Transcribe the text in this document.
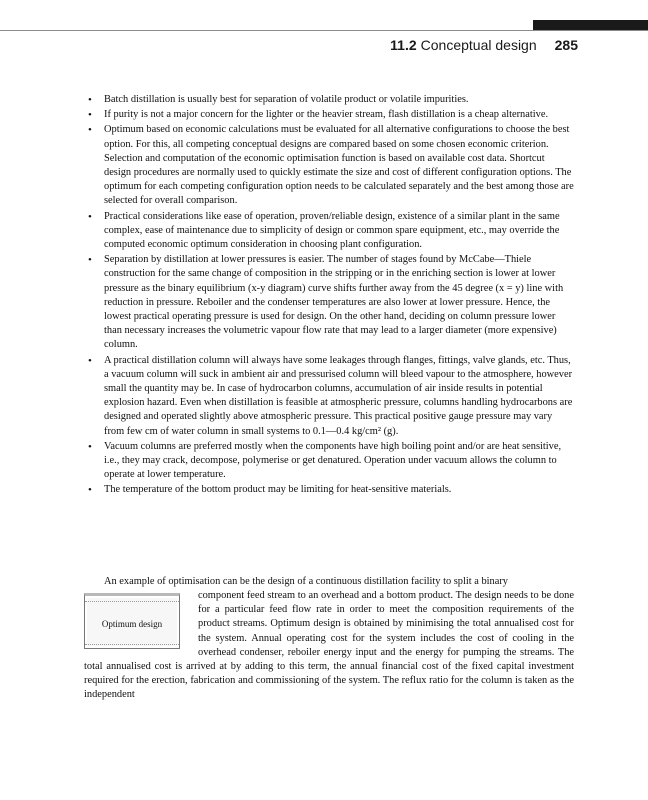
11.2 Conceptual design 285
• Batch distillation is usually best for separation of volatile product or volatile impurities.
• If purity is not a major concern for the lighter or the heavier stream, flash distillation is a cheap alternative.
• Optimum based on economic calculations must be evaluated for all alternative configurations to choose the best option. For this, all competing conceptual designs are compared based on some chosen economic criterion. Selection and computation of the economic optimisation function is based on available cost data. Shortcut design procedures are normally used to quickly estimate the size and cost of different configuration options. The optimum for each competing configuration option needs to be calculated separately and the best among those are selected for overall comparison.
• Practical considerations like ease of operation, proven/reliable design, existence of a similar plant in the same complex, ease of maintenance due to simplicity of design or common spare equipment, etc., may override the computed economic optimum consideration in choosing plant configuration.
• Separation by distillation at lower pressures is easier. The number of stages found by McCabe—Thiele construction for the same change of composition in the stripping or in the enriching section is lower at lower pressure as the binary equilibrium (x-y diagram) curve shifts further away from the 45 degree (x = y) line with reduction in pressure. Reboiler and the condenser temperatures are also lower at lower pressure. Hence, the lowest practical operating pressure is used for design. On the other hand, deciding on column pressure lower than necessary increases the volumetric vapour flow rate that may lead to a larger diameter (more expensive) column.
• A practical distillation column will always have some leakages through flanges, fittings, valve glands, etc. Thus, a vacuum column will suck in ambient air and pressurised column will bleed vapour to the atmosphere, however small the quantity may be. In case of hydrocarbon columns, accumulation of air inside results in potential explosion hazard. Even when distillation is feasible at atmospheric pressure, columns handling hydrocarbons are designed and operated slightly above atmospheric pressure. This practical positive gauge pressure may vary from few cm of water column in small systems to 0.1—0.4 kg/cm² (g).
• Vacuum columns are preferred mostly when the components have high boiling point and/or are heat sensitive, i.e., they may crack, decompose, polymerise or get denatured. Operation under vacuum allows the column to operate at lower temperature.
• The temperature of the bottom product may be limiting for heat-sensitive materials.

An example of optimisation can be the design of a continuous distillation facility to split a binary

Optimum design
component feed stream to an overhead and a bottom product. The design needs to be done for a particular feed flow rate in order to meet the composition requirements of the product streams. Optimum design is obtained by minimising the total annualised cost for the system. Annual operating cost for the system includes the cost of cooling in the overhead condenser, reboiler energy input and the energy for pumping the streams. The total annualised cost is arrived at by adding to this term, the annual financial cost of the fixed capital investment required for the erection, fabrication and commissioning of the system. The reflux ratio for the column is taken as the independent
